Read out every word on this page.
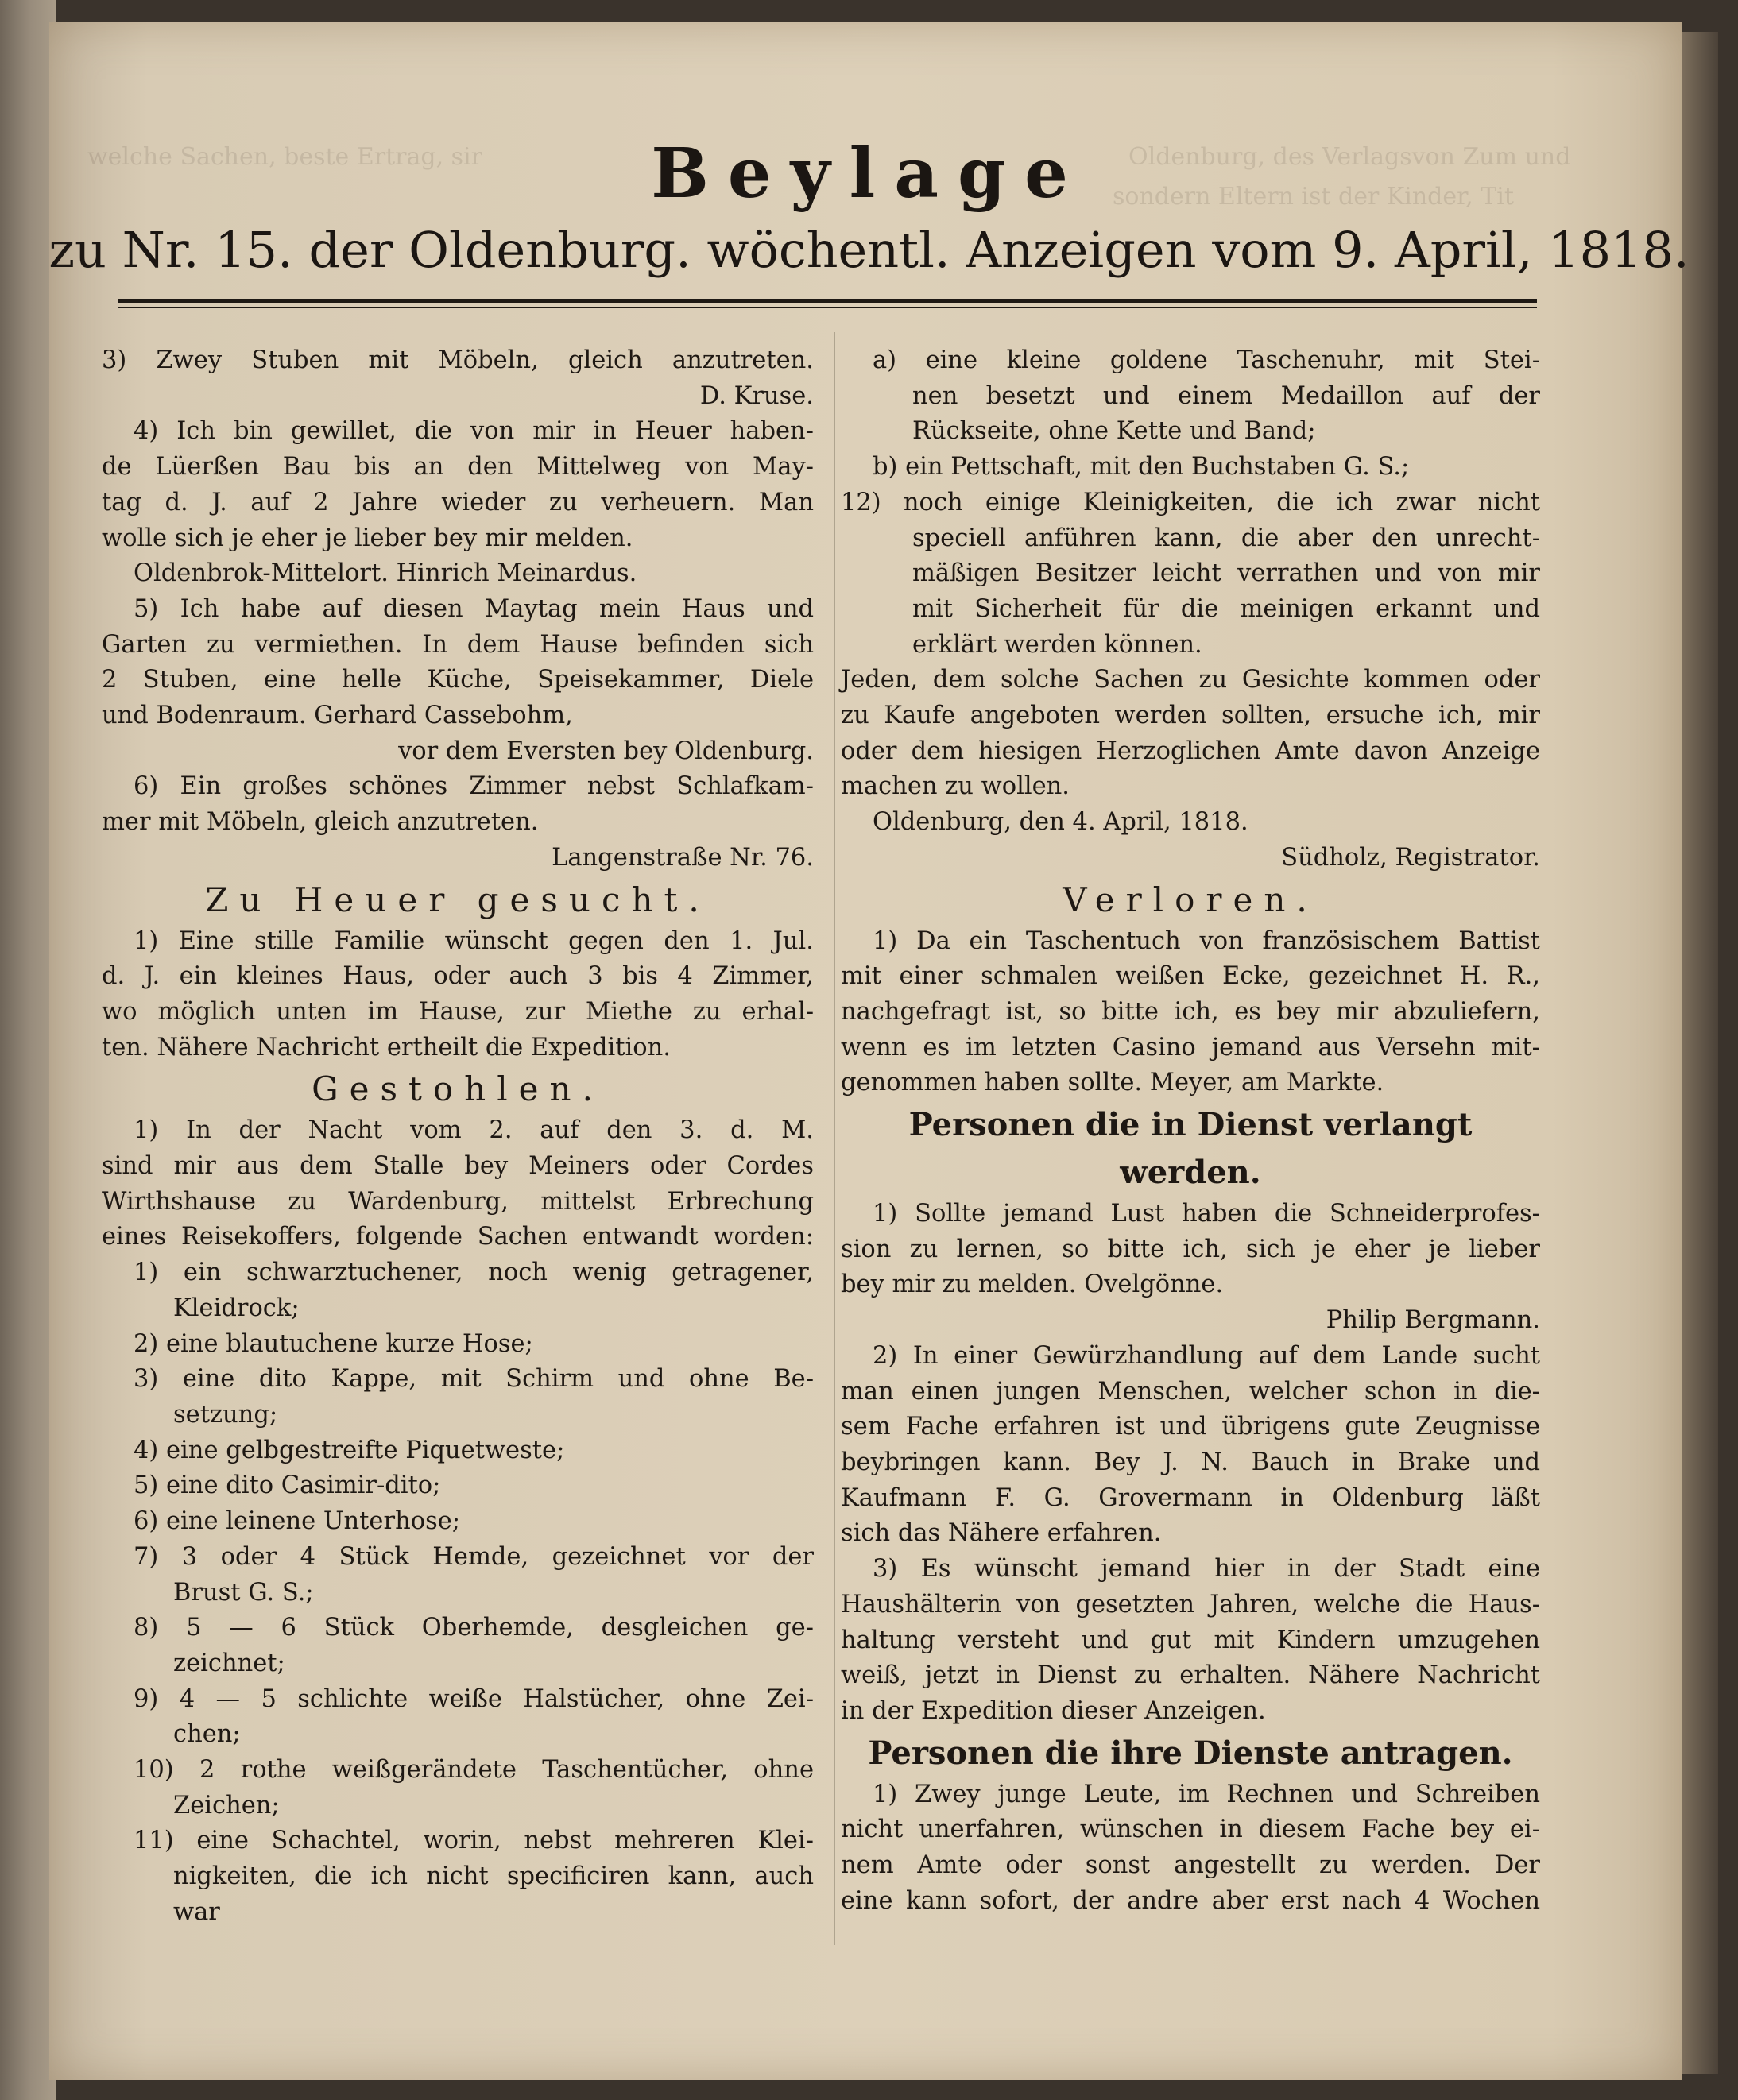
welche Sachen, beste Ertrag, sir	Oldenburg, des Verlagsvon Zum und
sondern Eltern ist der Kinder, Tit
Beylage
zu Nr. 15. der Oldenburg. wöchentl. Anzeigen vom 9. April, 1818.

3) Zwey Stuben mit Möbeln, gleich anzutreten.

D. Kruse.

4) Ich bin gewillet, die von mir in Heuer haben-

de Lüerßen Bau bis an den Mittelweg von May-

tag d. J. auf 2 Jahre wieder zu verheuern. Man

wolle sich je eher je lieber bey mir melden.

Oldenbrok-Mittelort. Hinrich Meinardus.

5) Ich habe auf diesen Maytag mein Haus und

Garten zu vermiethen. In dem Hause befinden sich

2 Stuben, eine helle Küche, Speisekammer, Diele

und Bodenraum. Gerhard Cassebohm,

vor dem Eversten bey Oldenburg.

6) Ein großes schönes Zimmer nebst Schlafkam-

mer mit Möbeln, gleich anzutreten.

Langenstraße Nr. 76.

Zu Heuer gesucht.

1) Eine stille Familie wünscht gegen den 1. Jul.

d. J. ein kleines Haus, oder auch 3 bis 4 Zimmer,

wo möglich unten im Hause, zur Miethe zu erhal-

ten. Nähere Nachricht ertheilt die Expedition.

Gestohlen.

1) In der Nacht vom 2. auf den 3. d. M.

sind mir aus dem Stalle bey Meiners oder Cordes

Wirthshause zu Wardenburg, mittelst Erbrechung

eines Reisekoffers, folgende Sachen entwandt worden:

1) ein schwarztuchener, noch wenig getragener,

Kleidrock;

2) eine blautuchene kurze Hose;

3) eine dito Kappe, mit Schirm und ohne Be-

setzung;

4) eine gelbgestreifte Piquetweste;

5) eine dito Casimir-dito;

6) eine leinene Unterhose;

7) 3 oder 4 Stück Hemde, gezeichnet vor der

Brust G. S.;

8) 5 — 6 Stück Oberhemde, desgleichen ge-

zeichnet;

9) 4 — 5 schlichte weiße Halstücher, ohne Zei-

chen;

10) 2 rothe weißgerändete Taschentücher, ohne

Zeichen;

11) eine Schachtel, worin, nebst mehreren Klei-

nigkeiten, die ich nicht specificiren kann, auch

war

a) eine kleine goldene Taschenuhr, mit Stei-

nen besetzt und einem Medaillon auf der

Rückseite, ohne Kette und Band;

b) ein Pettschaft, mit den Buchstaben G. S.;

12) noch einige Kleinigkeiten, die ich zwar nicht

speciell anführen kann, die aber den unrecht-

mäßigen Besitzer leicht verrathen und von mir

mit Sicherheit für die meinigen erkannt und

erklärt werden können.

Jeden, dem solche Sachen zu Gesichte kommen oder

zu Kaufe angeboten werden sollten, ersuche ich, mir

oder dem hiesigen Herzoglichen Amte davon Anzeige

machen zu wollen.

Oldenburg, den 4. April, 1818.

Südholz, Registrator.

Verloren.

1) Da ein Taschentuch von französischem Battist

mit einer schmalen weißen Ecke, gezeichnet H. R.,

nachgefragt ist, so bitte ich, es bey mir abzuliefern,

wenn es im letzten Casino jemand aus Versehn mit-

genommen haben sollte. Meyer, am Markte.

Personen die in Dienst verlangt werden.

1) Sollte jemand Lust haben die Schneiderprofes-

sion zu lernen, so bitte ich, sich je eher je lieber

bey mir zu melden. Ovelgönne.

Philip Bergmann.

2) In einer Gewürzhandlung auf dem Lande sucht

man einen jungen Menschen, welcher schon in die-

sem Fache erfahren ist und übrigens gute Zeugnisse

beybringen kann. Bey J. N. Bauch in Brake und

Kaufmann F. G. Grovermann in Oldenburg läßt

sich das Nähere erfahren.

3) Es wünscht jemand hier in der Stadt eine

Haushälterin von gesetzten Jahren, welche die Haus-

haltung versteht und gut mit Kindern umzugehen

weiß, jetzt in Dienst zu erhalten. Nähere Nachricht

in der Expedition dieser Anzeigen.

Personen die ihre Dienste antragen.

1) Zwey junge Leute, im Rechnen und Schreiben

nicht unerfahren, wünschen in diesem Fache bey ei-

nem Amte oder sonst angestellt zu werden. Der

eine kann sofort, der andre aber erst nach 4 Wochen
